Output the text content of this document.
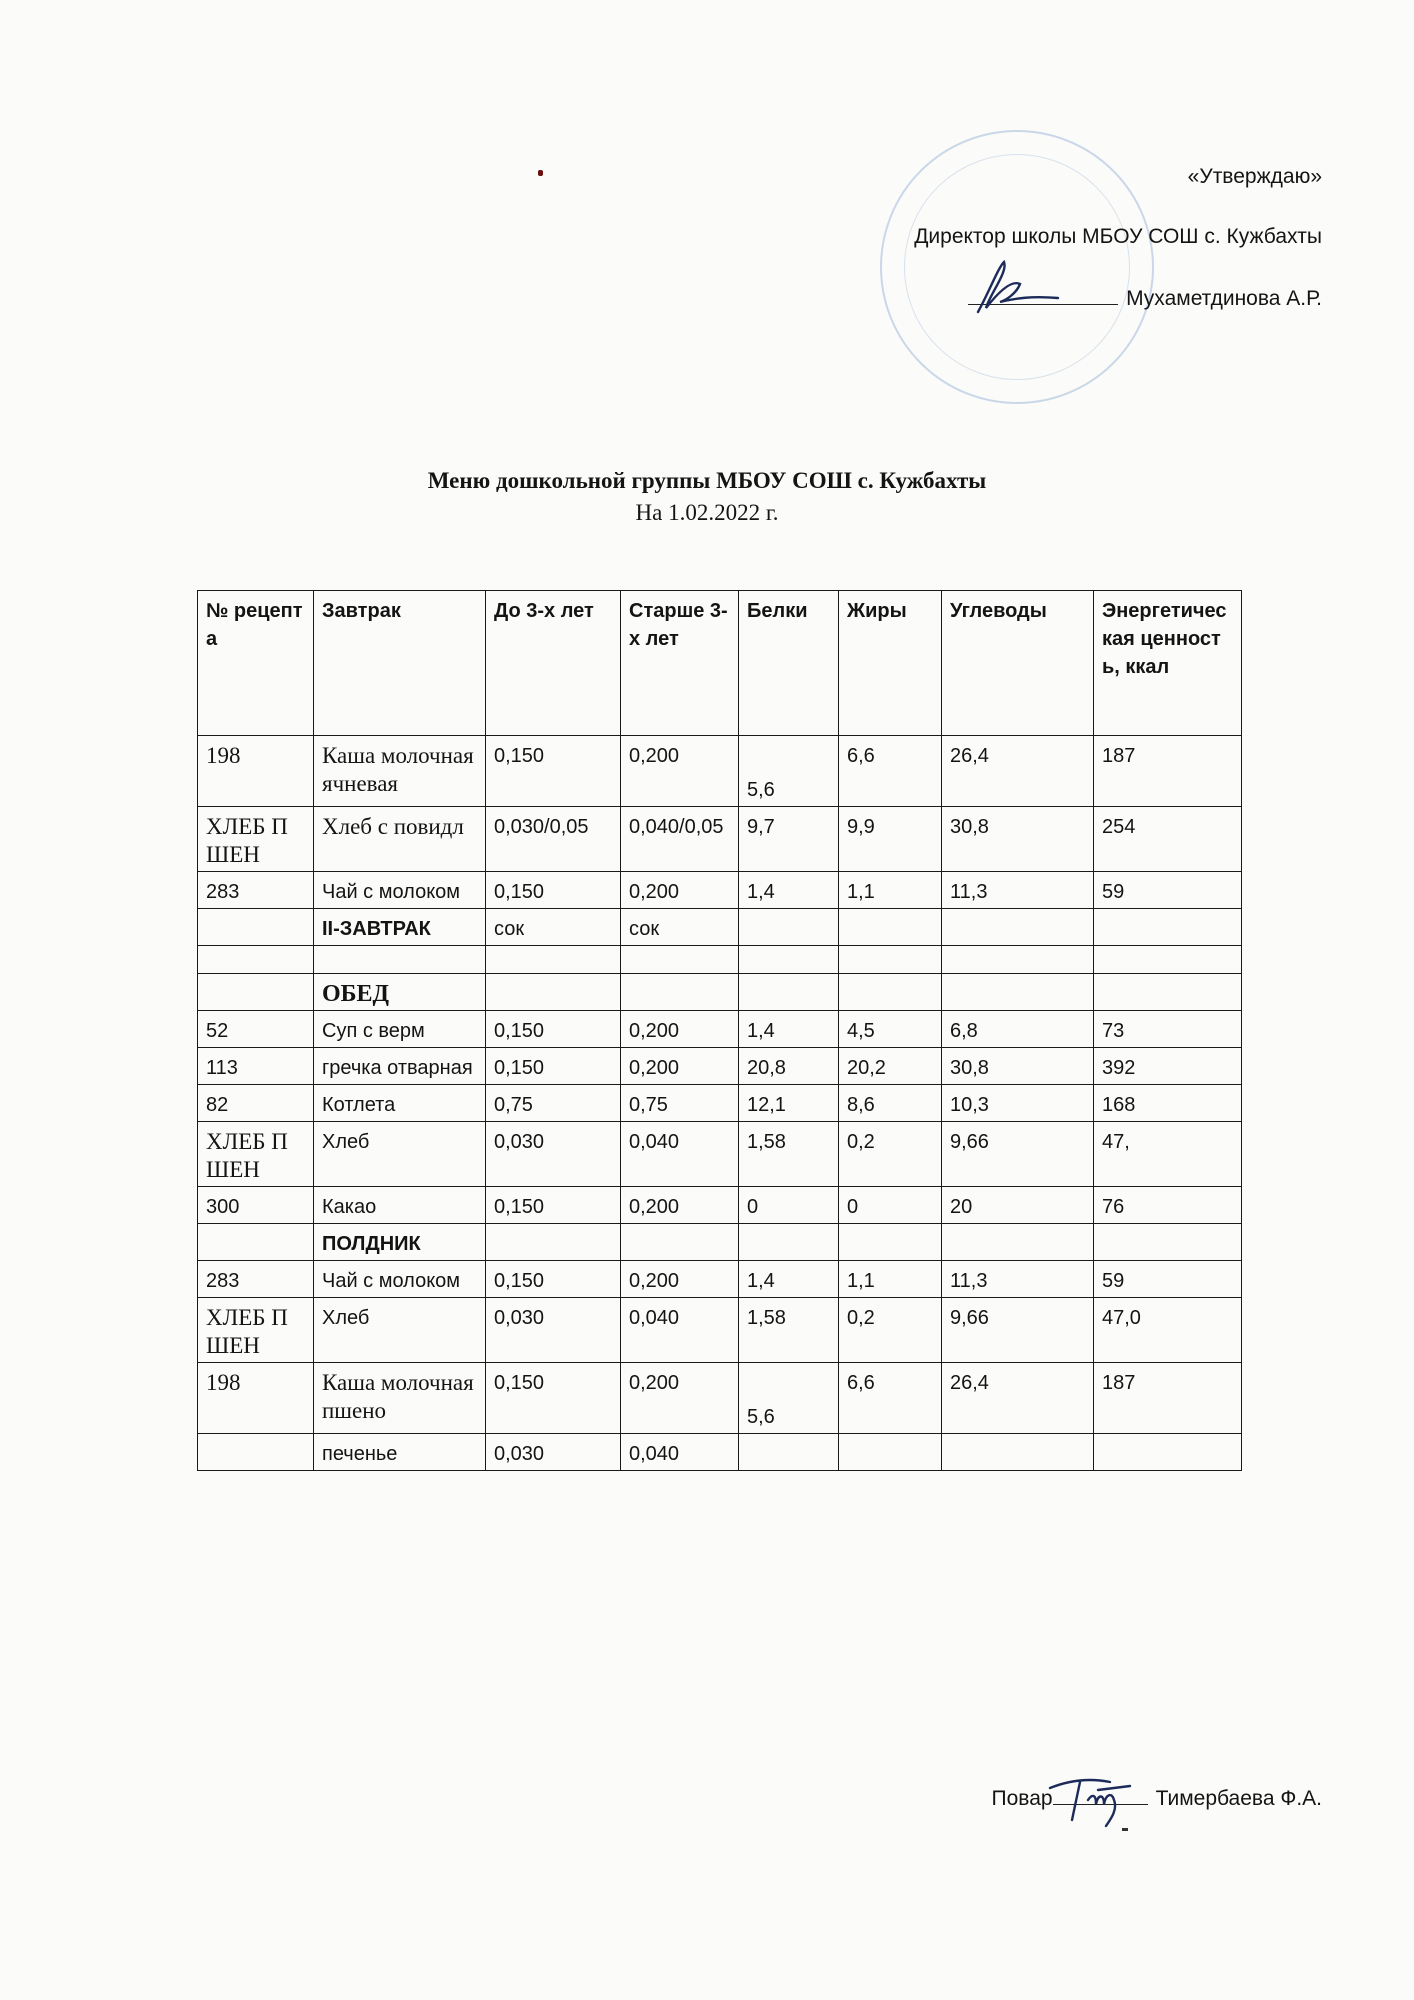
«Утверждаю»
Директор школы МБОУ СОШ с. Кужбахты
Мухаметдинова А.Р.
Меню дошкольной группы МБОУ СОШ с. Кужбахты
На 1.02.2022 г.
№ рецепта	Завтрак	До 3-х лет	Старше 3-х лет	Белки	Жиры	Углеводы	Энергетическая ценность, ккал
198	Каша молочная ячневая	0,150	0,200	5,6	6,6	26,4	187
ХЛЕБ ПШЕН	Хлеб с повидл	0,030/0,05	0,040/0,05	9,7	9,9	30,8	254
283	Чай с молоком	0,150	0,200	1,4	1,1	11,3	59
	II-ЗАВТРАК	сок	сок				

	ОБЕД						
52	Суп с верм	0,150	0,200	1,4	4,5	6,8	73
113	гречка отварная	0,150	0,200	20,8	20,2	30,8	392
82	Котлета	0,75	0,75	12,1	8,6	10,3	168
ХЛЕБ ПШЕН	Хлеб	0,030	0,040	1,58	0,2	9,66	47,
300	Какао	0,150	0,200	0	0	20	76
	ПОЛДНИК						
283	Чай с молоком	0,150	0,200	1,4	1,1	11,3	59
ХЛЕБ ПШЕН	Хлеб	0,030	0,040	1,58	0,2	9,66	47,0
198	Каша молочная пшено	0,150	0,200	5,6	6,6	26,4	187
	печенье	0,030	0,040				
Повар	Тимербаева Ф.А.
